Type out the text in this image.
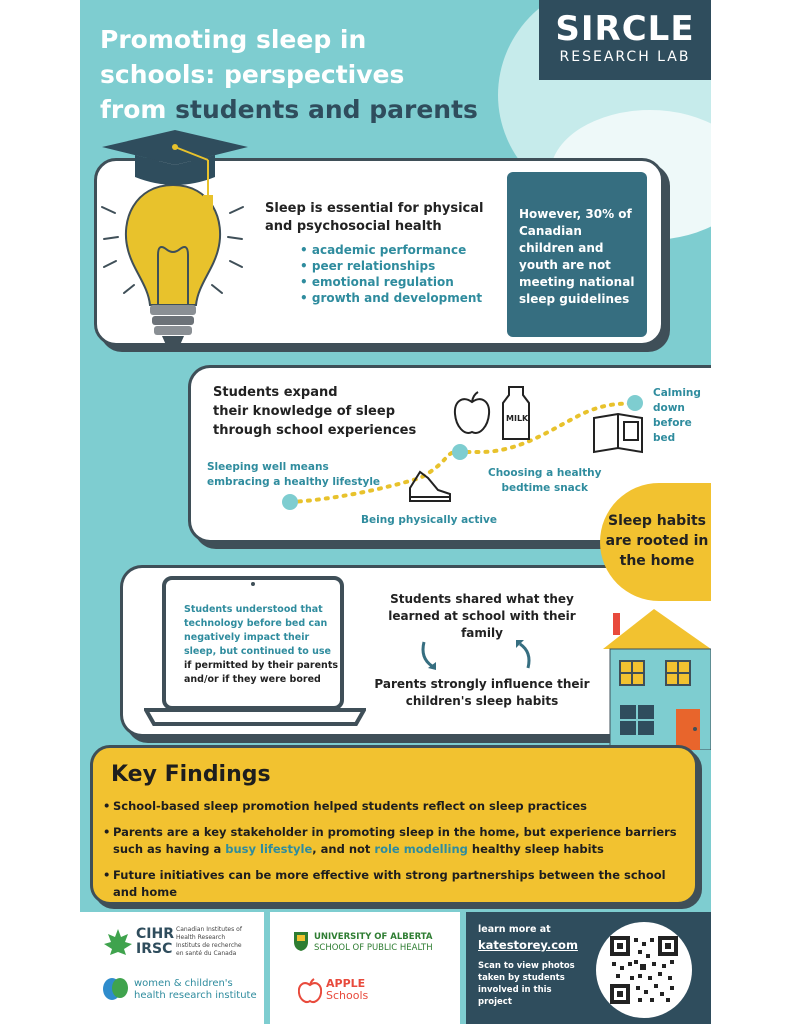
Promoting sleep in
schools: perspectives
from students and parents
SIRCLE
RESEARCH LAB
Sleep is essential for physical and psychosocial health
• academic performance
• peer relationships
• emotional regulation
• growth and development
However, 30% of Canadian children and youth are not meeting national sleep guidelines
Students expand
their knowledge of sleep
through school experiences
MILK
Sleeping well means
embracing a healthy lifestyle
Being physically active
Choosing a healthy
bedtime snack
Calming
down
before
bed
Students understood that
technology before bed can
negatively impact their
sleep, but continued to use
if permitted by their parents
and/or if they were bored
Students shared what they
learned at school with their family
Parents strongly influence their
children's sleep habits
Sleep habits
are rooted in
the home
Key Findings
• School-based sleep promotion helped students reflect on sleep practices
• Parents are a key stakeholder in promoting sleep in the home, but experience barriers such as having a busy lifestyle, and not role modelling healthy sleep habits
• Future initiatives can be more effective with strong partnerships between the school and home
CIHR
IRSC
Canadian Institutes of
Health Research
Instituts de recherche
en santé du Canada
women & children's
health research institute
UNIVERSITY OF ALBERTA
SCHOOL OF PUBLIC HEALTH
APPLE
Schools
learn more at
katestorey.com
Scan to view photos
taken by students
involved in this
project
